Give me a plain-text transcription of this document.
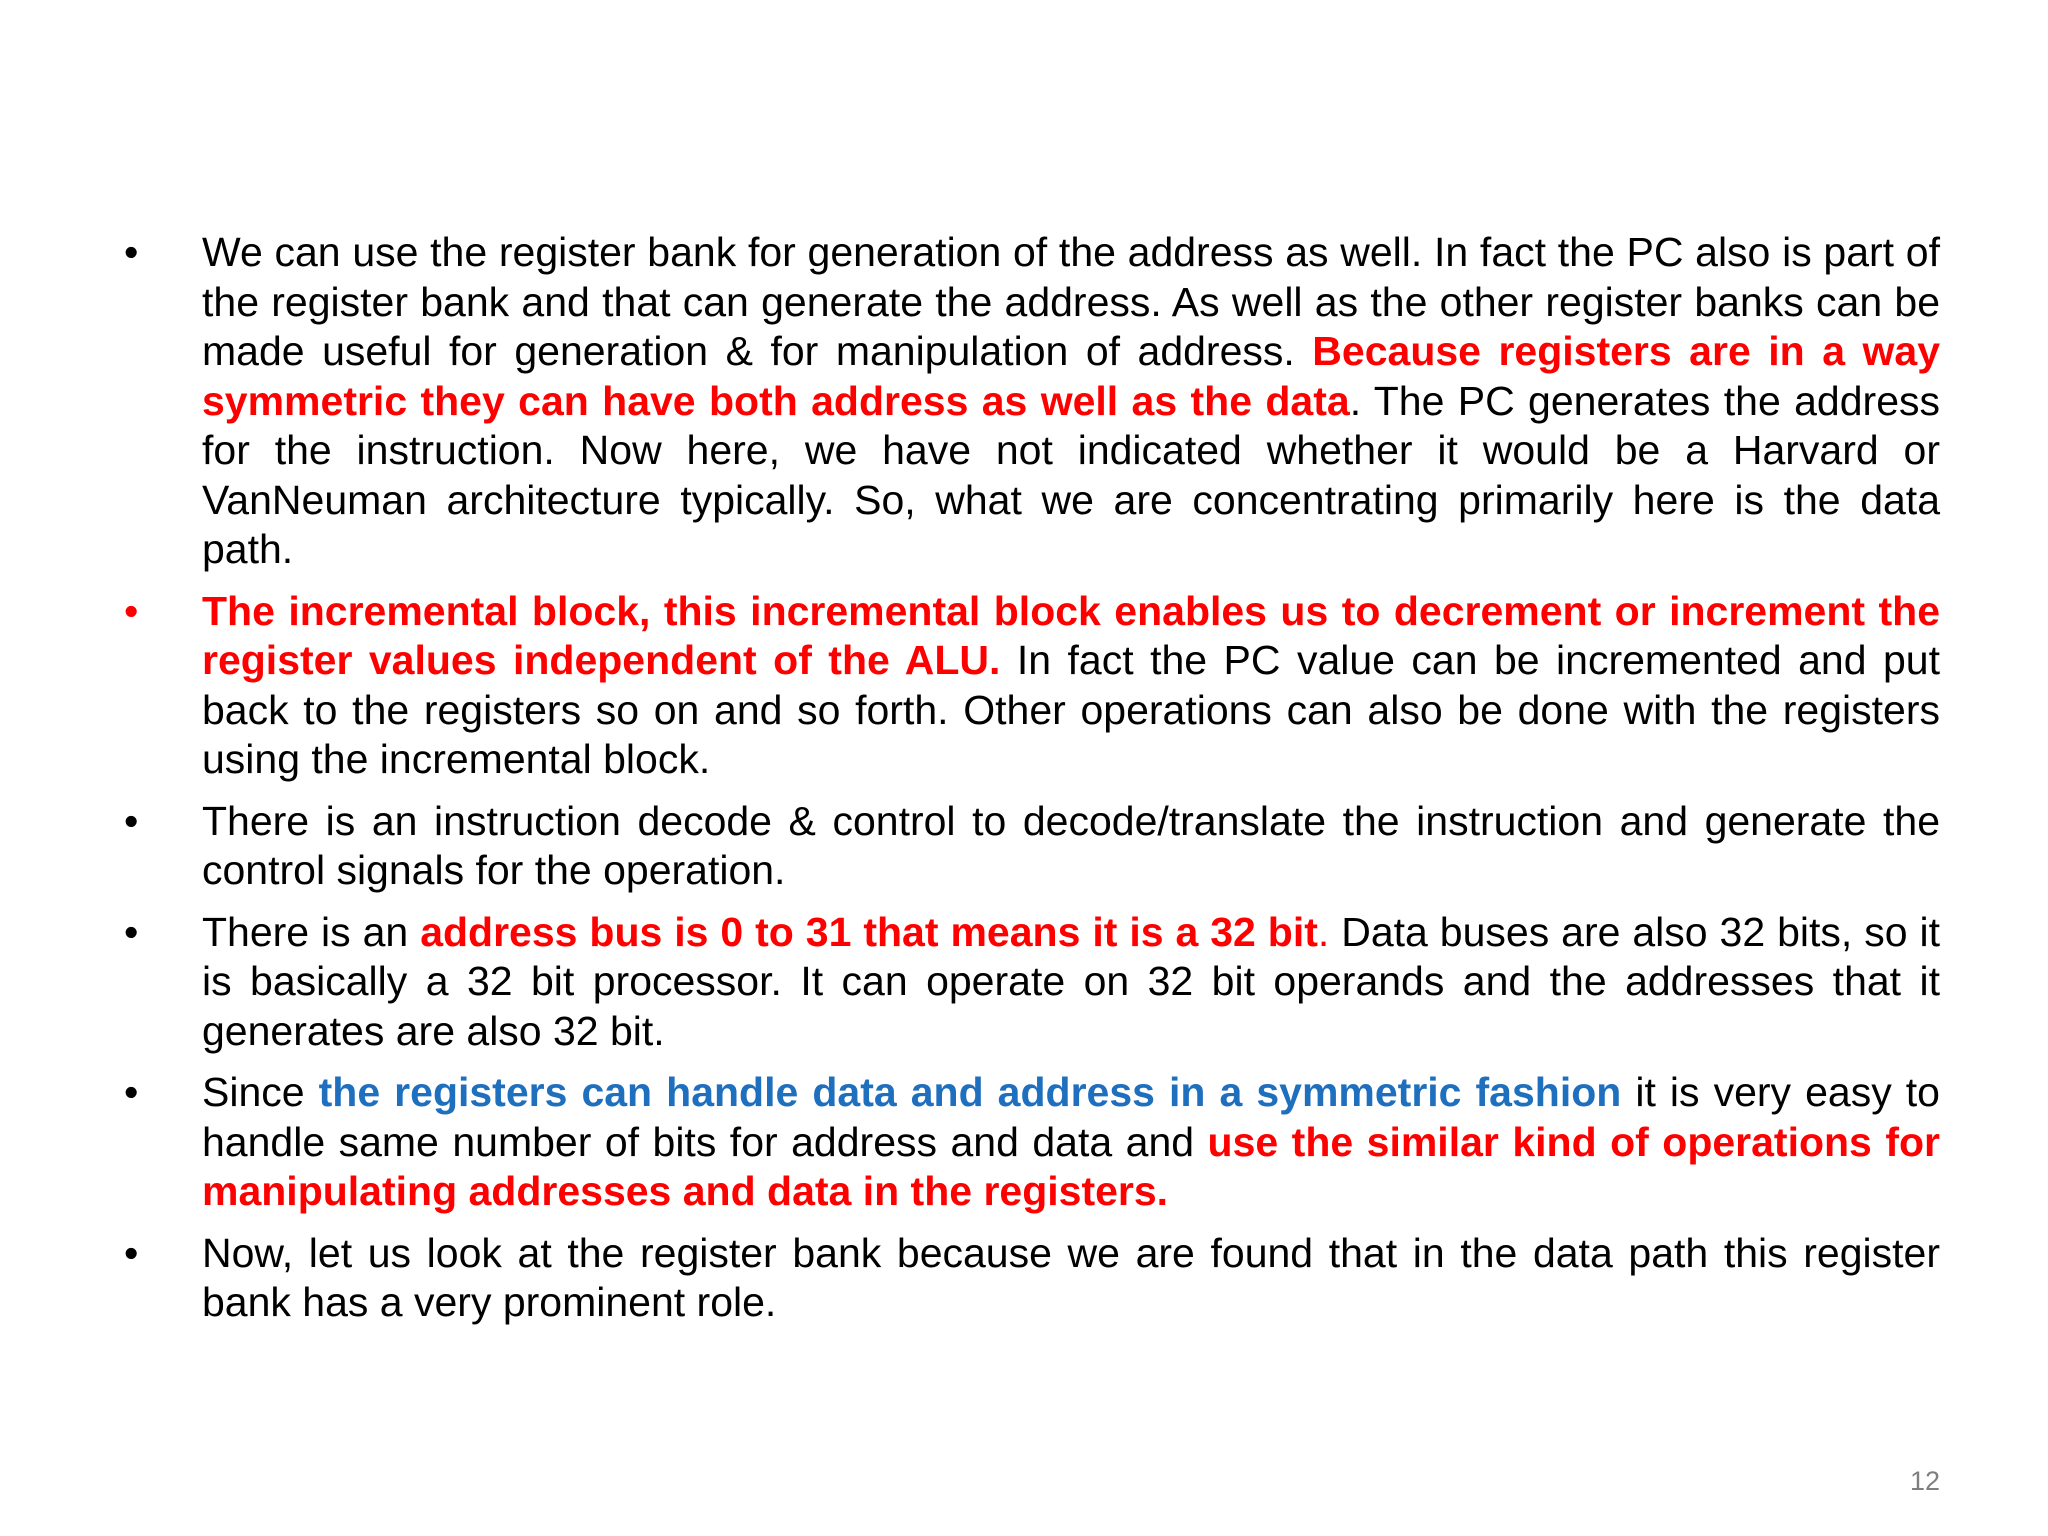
• We can use the register bank for generation of the address as well. In fact the PC also is part of the register bank and that can generate the address. As well as the other register banks can be made useful for generation & for manipulation of address. Because registers are in a way symmetric they can have both address as well as the data. The PC generates the address for the instruction. Now here, we have not indicated whether it would be a Harvard or VanNeuman architecture typically. So, what we are concentrating primarily here is the data path.
• The incremental block, this incremental block enables us to decrement or increment the register values independent of the ALU. In fact the PC value can be incremented and put back to the registers so on and so forth. Other operations can also be done with the registers using the incremental block.
• There is an instruction decode & control to decode/translate the instruction and generate the control signals for the operation.
• There is an address bus is 0 to 31 that means it is a 32 bit. Data buses are also 32 bits, so it is basically a 32 bit processor. It can operate on 32 bit operands and the addresses that it generates are also 32 bit.
• Since the registers can handle data and address in a symmetric fashion it is very easy to handle same number of bits for address and data and use the similar kind of operations for manipulating addresses and data in the registers.
• Now, let us look at the register bank because we are found that in the data path this register bank has a very prominent role.
12
